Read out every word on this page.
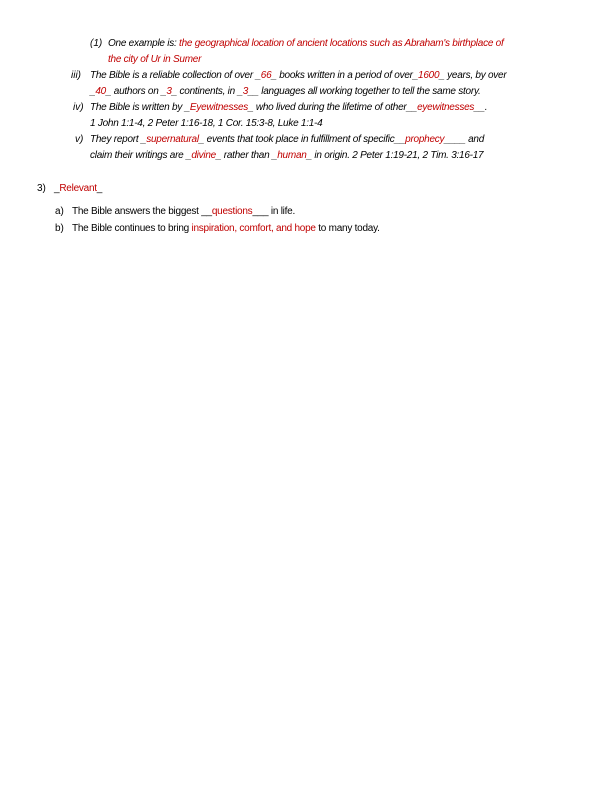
(1) One example is: the geographical location of ancient locations such as Abraham's birthplace of
the city of Ur in Sumer
iii) The Bible is a reliable collection of over _66_ books written in a period of over_1600_ years, by over
_40_ authors on _3_ continents, in _3__ languages all working together to tell the same story.
iv) The Bible is written by _Eyewitnesses_ who lived during the lifetime of other__eyewitnesses__.
1 John 1:1-4, 2 Peter 1:16-18, 1 Cor. 15:3-8, Luke 1:1-4
v) They report _supernatural_ events that took place in fulfillment of specific__prophecy____ and
claim their writings are _divine_ rather than _human_ in origin. 2 Peter 1:19-21, 2 Tim. 3:16-17
3) _Relevant_
a) The Bible answers the biggest __questions___ in life.
b) The Bible continues to bring inspiration, comfort, and hope to many today.
